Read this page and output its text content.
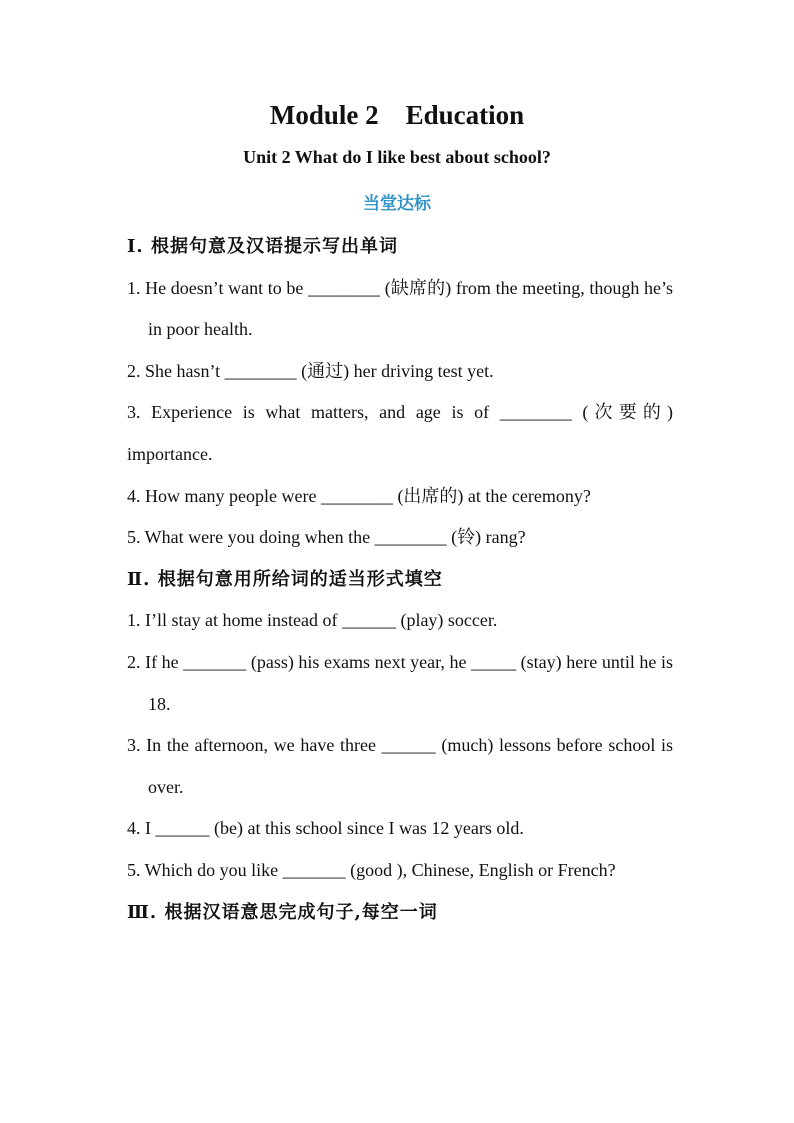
Module 2    Education
Unit 2 What do I like best about school?
当堂达标
Ⅰ. 根据句意及汉语提示写出单词
1. He doesn’t want to be ________ (缺席的) from the meeting, though he’s in poor health.
2. She hasn’t ________ (通过) her driving test yet.
3. Experience is what matters, and age is of ________ (次要的) importance.
4. How many people were ________ (出席的) at the ceremony?
5. What were you doing when the ________ (铃) rang?
Ⅱ. 根据句意用所给词的适当形式填空
1. I’ll stay at home instead of ______ (play) soccer.
2. If he _______ (pass) his exams next year, he _____ (stay) here until he is 18.
3. In the afternoon, we have three ______ (much) lessons before school is over.
4. I ______ (be) at this school since I was 12 years old.
5. Which do you like _______ (good ), Chinese, English or French?
Ⅲ. 根据汉语意思完成句子,每空一词
